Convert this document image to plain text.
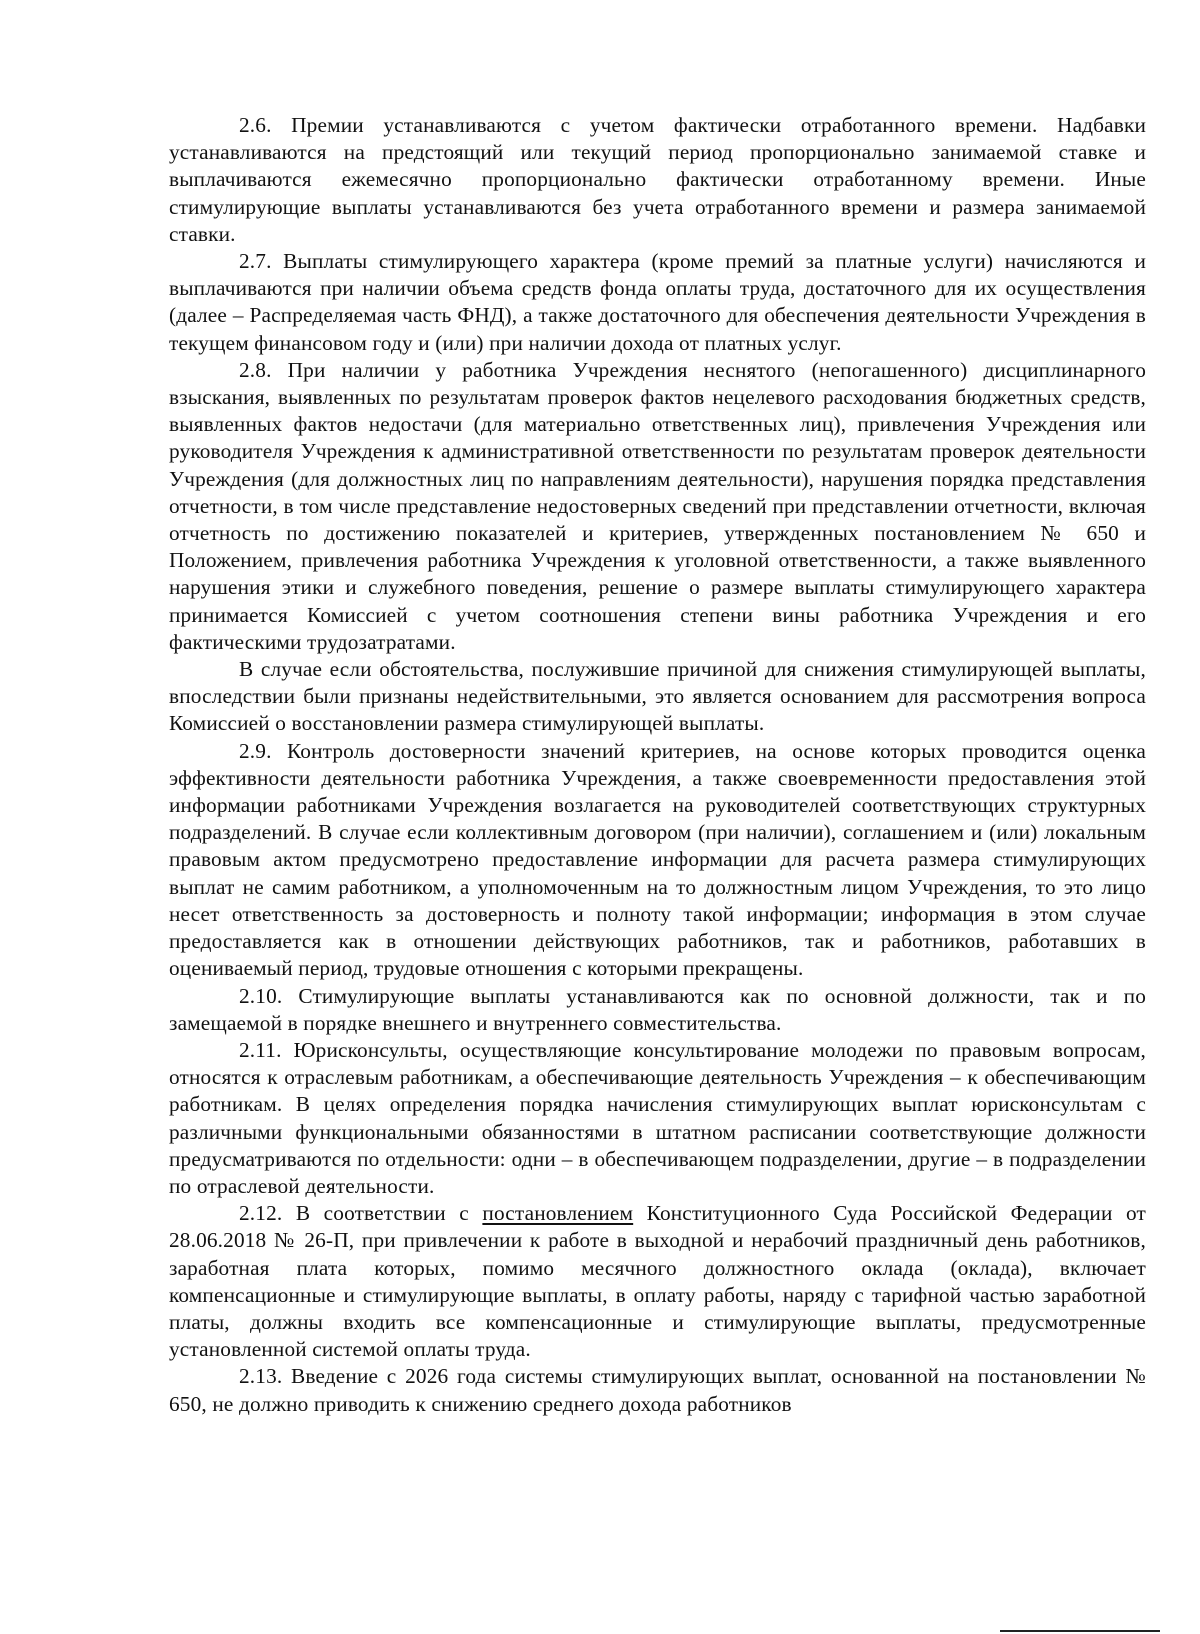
2.6. Премии устанавливаются с учетом фактически отработанного времени. Надбавки устанавливаются на предстоящий или текущий период пропорционально занимаемой ставке и выплачиваются ежемесячно пропорционально фактически отработанному времени. Иные стимулирующие выплаты устанавливаются без учета отработанного времени и размера занимаемой ставки.

2.7. Выплаты стимулирующего характера (кроме премий за платные услуги) начисляются и выплачиваются при наличии объема средств фонда оплаты труда, достаточного для их осуществления (далее – Распределяемая часть ФНД), а также достаточного для обеспечения деятельности Учреждения в текущем финансовом году и (или) при наличии дохода от платных услуг.

2.8. При наличии у работника Учреждения неснятого (непогашенного) дисциплинарного взыскания, выявленных по результатам проверок фактов нецелевого расходования бюджетных средств, выявленных фактов недостачи (для материально ответственных лиц), привлечения Учреждения или руководителя Учреждения к административной ответственности по результатам проверок деятельности Учреждения (для должностных лиц по направлениям деятельности), нарушения порядка представления отчетности, в том числе представление недостоверных сведений при представлении отчетности, включая отчетность по достижению показателей и критериев, утвержденных постановлением № 650 и Положением, привлечения работника Учреждения к уголовной ответственности, а также выявленного нарушения этики и служебного поведения, решение о размере выплаты стимулирующего характера принимается Комиссией с учетом соотношения степени вины работника Учреждения и его фактическими трудозатратами.

В случае если обстоятельства, послужившие причиной для снижения стимулирующей выплаты, впоследствии были признаны недействительными, это является основанием для рассмотрения вопроса Комиссией о восстановлении размера стимулирующей выплаты.

2.9. Контроль достоверности значений критериев, на основе которых проводится оценка эффективности деятельности работника Учреждения, а также своевременности предоставления этой информации работниками Учреждения возлагается на руководителей соответствующих структурных подразделений. В случае если коллективным договором (при наличии), соглашением и (или) локальным правовым актом предусмотрено предоставление информации для расчета размера стимулирующих выплат не самим работником, а уполномоченным на то должностным лицом Учреждения, то это лицо несет ответственность за достоверность и полноту такой информации; информация в этом случае предоставляется как в отношении действующих работников, так и работников, работавших в оцениваемый период, трудовые отношения с которыми прекращены.

2.10. Стимулирующие выплаты устанавливаются как по основной должности, так и по замещаемой в порядке внешнего и внутреннего совместительства.

2.11. Юрисконсульты, осуществляющие консультирование молодежи по правовым вопросам, относятся к отраслевым работникам, а обеспечивающие деятельность Учреждения – к обеспечивающим работникам. В целях определения порядка начисления стимулирующих выплат юрисконсультам с различными функциональными обязанностями в штатном расписании соответствующие должности предусматриваются по отдельности: одни – в обеспечивающем подразделении, другие – в подразделении по отраслевой деятельности.

2.12. В соответствии с постановлением Конституционного Суда Российской Федерации от 28.06.2018 № 26-П, при привлечении к работе в выходной и нерабочий праздничный день работников, заработная плата которых, помимо месячного должностного оклада (оклада), включает компенсационные и стимулирующие выплаты, в оплату работы, наряду с тарифной частью заработной платы, должны входить все компенсационные и стимулирующие выплаты, предусмотренные установленной системой оплаты труда.

2.13. Введение с 2026 года системы стимулирующих выплат, основанной на постановлении № 650, не должно приводить к снижению среднего дохода работников
